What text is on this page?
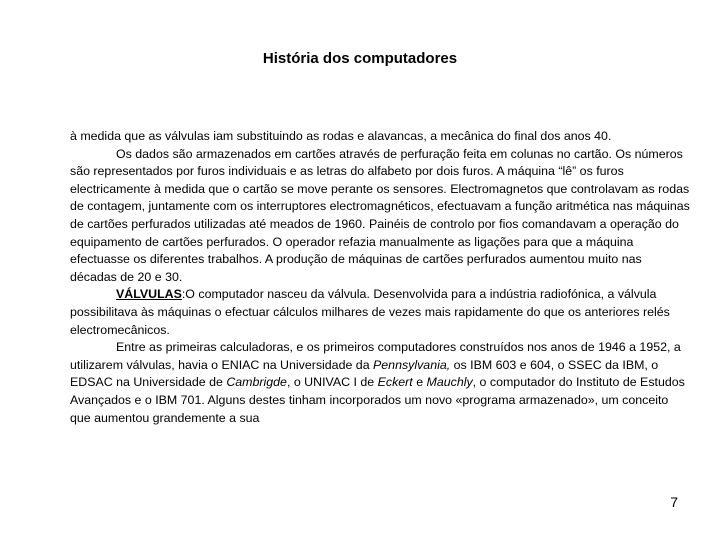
História dos computadores

à medida que as válvulas iam substituindo as rodas e alavancas, a mecânica do final dos anos 40.

Os dados são armazenados em cartões através de perfuração feita em colunas no cartão. Os números são representados por furos individuais e as letras do alfabeto por dois furos. A máquina “lê” os furos electricamente à medida que o cartão se move perante os sensores. Electromagnetos que controlavam as rodas de contagem, juntamente com os interruptores electromagnéticos, efectuavam a função aritmética nas máquinas de cartões perfurados utilizadas até meados de 1960. Painéis de controlo por fios comandavam a operação do equipamento de cartões perfurados. O operador refazia manualmente as ligações para que a máquina efectuasse os diferentes trabalhos. A produção de máquinas de cartões perfurados aumentou muito nas décadas de 20 e 30.

VÁLVULAS:O computador nasceu da válvula. Desenvolvida para a indústria radiofónica, a válvula possibilitava às máquinas o efectuar cálculos milhares de vezes mais rapidamente do que os anteriores relés electromecânicos.

Entre as primeiras calculadoras, e os primeiros computadores construídos nos anos de 1946 a 1952, a utilizarem válvulas, havia o ENIAC na Universidade da Pennsylvania, os IBM 603 e 604, o SSEC da IBM, o EDSAC na Universidade de Cambrigde, o UNIVAC I de Eckert e Mauchly, o computador do Instituto de Estudos Avançados e o IBM 701. Alguns destes tinham incorporados um novo «programa armazenado», um conceito que aumentou grandemente a sua

7
